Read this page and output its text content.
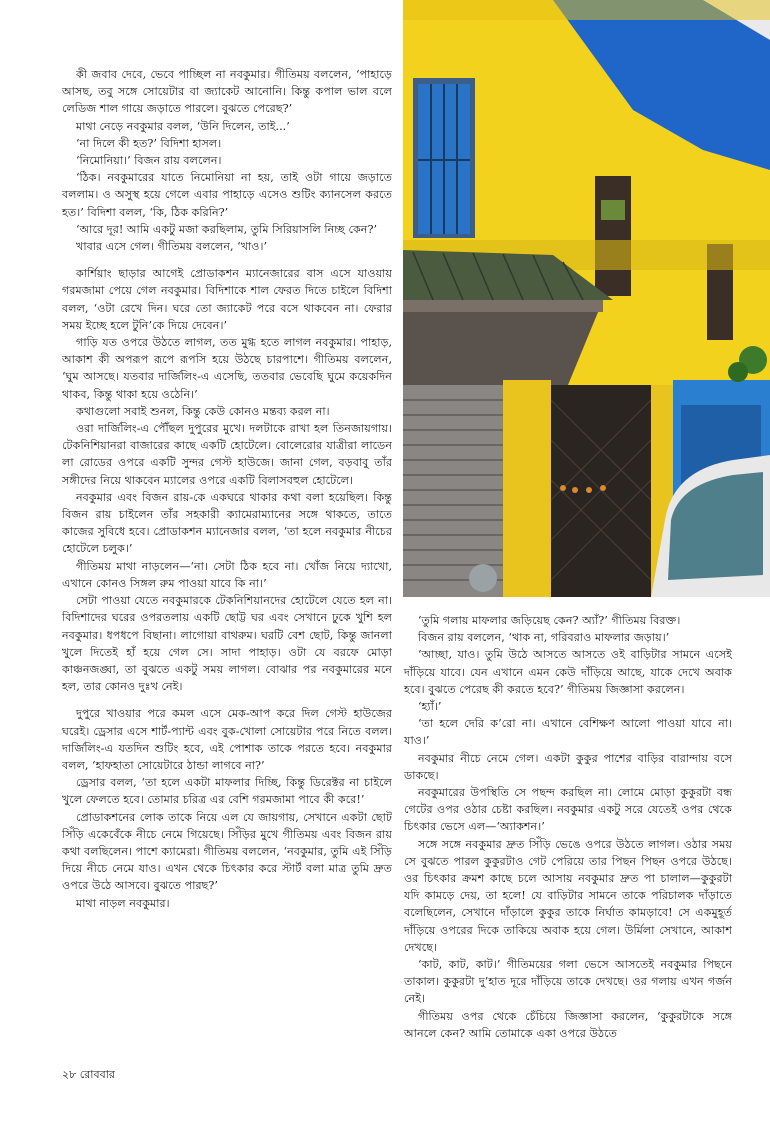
কী জবাব দেবে, ভেবে পাচ্ছিল না নবকুমার। গীতিময় বললেন, ‘পাহাড়ে আসছ, তবু সঙ্গে সোয়েটার বা জ্যাকেট আনোনি। কিন্তু কপাল ভাল বলে লেডিজ শাল গায়ে জড়াতে পারলে। বুঝতে পেরেছ?’

মাথা নেড়ে নবকুমার বলল, ‘উনি দিলেন, তাই...’

‘না দিলে কী হত?’ বিদিশা হাসল।

‘নিমোনিয়া।’ বিজন রায় বললেন।

‘ঠিক। নবকুমারের যাতে নিমোনিয়া না হয়, তাই ওটা গায়ে জড়াতে বললাম। ও অসুস্থ হয়ে গেলে এবার পাহাড়ে এসেও শুটিং ক্যানসেল করতে হত।’ বিদিশা বলল, ‘কি, ঠিক করিনি?’

‘আরে দূর! আমি একটু মজা করছিলাম, তুমি সিরিয়াসলি নিচ্ছ কেন?’

খাবার এসে গেল। গীতিময় বললেন, ‘খাও।’

কার্শিয়াং ছাড়ার আগেই প্রোডাকশন ম্যানেজারের বাস এসে যাওয়ায় গরমজামা পেয়ে গেল নবকুমার। বিদিশাকে শাল ফেরত দিতে চাইলে বিদিশা বলল, ‘ওটা রেখে দিন। ঘরে তো জ্যাকেট পরে বসে থাকবেন না। ফেরার সময় ইচ্ছে হলে টুনি’কে দিয়ে দেবেন।’

গাড়ি যত ওপরে উঠতে লাগল, তত মুগ্ধ হতে লাগল নবকুমার। পাহাড়, আকাশ কী অপরূপ রূপে রূপসি হয়ে উঠছে চারপাশে। গীতিময় বললেন, ‘ঘুম আসছে। যতবার দার্জিলিং-এ এসেছি, ততবার ভেবেছি ঘুমে কয়েকদিন থাকব, কিন্তু থাকা হয়ে ওঠেনি।’

কথাগুলো সবাই শুনল, কিন্তু কেউ কোনও মন্তব্য করল না।

ওরা দার্জিলিং-এ পৌঁছল দুপুরের মুখে। দলটাকে রাখা হল তিনজায়গায়। টেকনিশিয়ানরা বাজারের কাছে একটি হোটেলে। বোলেরোর যাত্রীরা লাডেন লা রোডের ওপরে একটি সুন্দর গেস্ট হাউজে। জানা গেল, বড়বাবু তাঁর সঙ্গীদের নিয়ে থাকবেন ম্যালের ওপরে একটি বিলাসবহুল হোটেলে।

নবকুমার এবং বিজন রায়-কে একঘরে থাকার কথা বলা হয়েছিল। কিন্তু বিজন রায় চাইলেন তাঁর সহকারী ক্যামেরাম্যানের সঙ্গে থাকতে, তাতে কাজের সুবিধে হবে। প্রোডাকশন ম্যানেজার বলল, ‘তা হলে নবকুমার নীচের হোটেলে চলুক।’

গীতিময় মাথা নাড়লেন—‘না। সেটা ঠিক হবে না। খোঁজ নিয়ে দ্যাখো, এখানে কোনও সিঙ্গল রুম পাওয়া যাবে কি না।’

সেটা পাওয়া যেতে নবকুমারকে টেকনিশিয়ানদের হোটেলে যেতে হল না। বিদিশাদের ঘরের ওপরতলায় একটি ছোট্ট ঘর এবং সেখানে ঢুকে খুশি হল নবকুমার। ধপধপে বিছানা। লাগোয়া বাথরুম। ঘরটি বেশ ছোট, কিন্তু জানলা খুলে দিতেই হাঁ হয়ে গেল সে। সাদা পাহাড়। ওটা যে বরফে মোড়া কাঞ্চনজঙ্ঘা, তা বুঝতে একটু সময় লাগল। বোঝার পর নবকুমারের মনে হল, তার কোনও দুঃখ নেই।

দুপুরে খাওয়ার পরে কমল এসে মেক-আপ করে দিল গেস্ট হাউজের ঘরেই। ড্রেসার এসে শার্ট-প্যান্ট এবং বুক-খোলা সোয়েটার পরে নিতে বলল। দার্জিলিং-এ যতদিন শুটিং হবে, এই পোশাক তাকে পরতে হবে। নবকুমার বলল, ‘হাফহাতা সোয়েটারে ঠান্ডা লাগবে না?’

ড্রেসার বলল, ‘তা হলে একটা মাফলার দিচ্ছি, কিন্তু ডিরেক্টর না চাইলে খুলে ফেলতে হবে। তোমার চরিত্র এর বেশি গরমজামা পাবে কী করে!’

প্রোডাকশনের লোক তাকে নিয়ে এল যে জায়গায়, সেখানে একটা ছোট সিঁড়ি একেবেঁকে নীচে নেমে গিয়েছে। সিঁড়ির মুখে গীতিময় এবং বিজন রায় কথা বলছিলেন। পাশে ক্যামেরা। গীতিময় বললেন, ‘নবকুমার, তুমি এই সিঁড়ি দিয়ে নীচে নেমে যাও। এখন থেকে চিৎকার করে স্টার্ট বলা মাত্র তুমি দ্রুত ওপরে উঠে আসবে। বুঝতে পারছ?’

মাথা নাড়ল নবকুমার।

‘তুমি গলায় মাফলার জড়িয়েছ কেন? অ্যাঁ?’ গীতিময় বিরক্ত।

বিজন রায় বললেন, ‘থাক না, গরিবরাও মাফলার জড়ায়।’

‘আচ্ছা, যাও। তুমি উঠে আসতে আসতে ওই বাড়িটার সামনে এসেই দাঁড়িয়ে যাবে। যেন এখানে এমন কেউ দাঁড়িয়ে আছে, যাকে দেখে অবাক হবে। বুঝতে পেরেছ কী করতে হবে?’ গীতিময় জিজ্ঞাসা করলেন।

‘হ্যাঁ।’

‘তা হলে দেরি ক’রো না। এখানে বেশিক্ষণ আলো পাওয়া যাবে না। যাও।’

নবকুমার নীচে নেমে গেল। একটা কুকুর পাশের বাড়ির বারান্দায় বসে ডাকছে।

নবকুমারের উপস্থিতি সে পছন্দ করছিল না। লোমে মোড়া কুকুরটা বন্ধ গেটের ওপর ওঠার চেষ্টা করছিল। নবকুমার একটু সরে যেতেই ওপর থেকে চিৎকার ভেসে এল—‘অ্যাকশন।’

সঙ্গে সঙ্গে নবকুমার দ্রুত সিঁড়ি ভেঙে ওপরে উঠতে লাগল। ওঠার সময় সে বুঝতে পারল কুকুরটাও গেট পেরিয়ে তার পিছন পিছন ওপরে উঠছে। ওর চিৎকার ক্রমশ কাছে চলে আসায় নবকুমার দ্রুত পা চালাল—কুকুরটা যদি কামড়ে দেয়, তা হলে! যে বাড়িটার সামনে তাকে পরিচালক দাঁড়াতে বলেছিলেন, সেখানে দাঁড়ালে কুকুর তাকে নির্ঘাত কামড়াবে! সে একমুহূর্ত দাঁড়িয়ে ওপরের দিকে তাকিয়ে অবাক হয়ে গেল। উর্মিলা সেখানে, আকাশ দেখছে।

‘কাট, কাট, কাট।’ গীতিময়ের গলা ভেসে আসতেই নবকুমার পিছনে তাকাল। কুকুরটা দু’হাত দূরে দাঁড়িয়ে তাকে দেখছে। ওর গলায় এখন গর্জন নেই।

গীতিময় ওপর থেকে চেঁচিয়ে জিজ্ঞাসা করলেন, ‘কুকুরটাকে সঙ্গে আনলে কেন? আমি তোমাকে একা ওপরে উঠতে

২৮ রোববার
